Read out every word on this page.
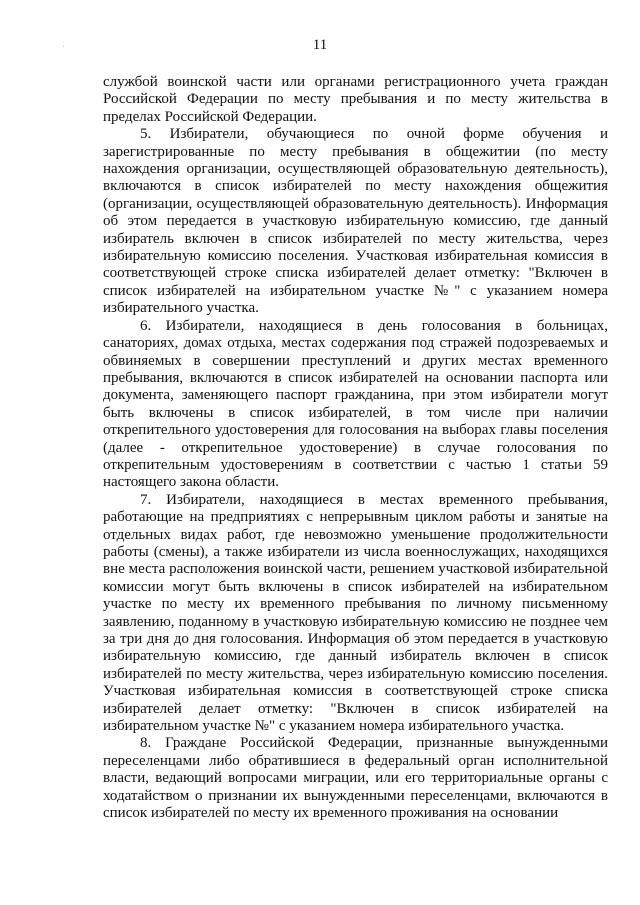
11

службой воинской части или органами регистрационного учета граждан Российской Федерации по месту пребывания и по месту жительства в пределах Российской Федерации.

5. Избиратели, обучающиеся по очной форме обучения и зарегистрированные по месту пребывания в общежитии (по месту нахождения организации, осуществляющей образовательную деятельность), включаются в список избирателей по месту нахождения общежития (организации, осуществляющей образовательную деятельность). Информация об этом передается в участковую избирательную комиссию, где данный избиратель включен в список избирателей по месту жительства, через избирательную комиссию поселения. Участковая избирательная комиссия в соответствующей строке списка избирателей делает отметку: "Включен в список избирателей на избирательном участке №" с указанием номера избирательного участка.

6. Избиратели, находящиеся в день голосования в больницах, санаториях, домах отдыха, местах содержания под стражей подозреваемых и обвиняемых в совершении преступлений и других местах временного пребывания, включаются в список избирателей на основании паспорта или документа, заменяющего паспорт гражданина, при этом избиратели могут быть включены в список избирателей, в том числе при наличии открепительного удостоверения для голосования на выборах главы поселения (далее - открепительное удостоверение) в случае голосования по открепительным удостоверениям в соответствии с частью 1 статьи 59 настоящего закона области.

7. Избиратели, находящиеся в местах временного пребывания, работающие на предприятиях с непрерывным циклом работы и занятые на отдельных видах работ, где невозможно уменьшение продолжительности работы (смены), а также избиратели из числа военнослужащих, находящихся вне места расположения воинской части, решением участковой избирательной комиссии могут быть включены в список избирателей на избирательном участке по месту их временного пребывания по личному письменному заявлению, поданному в участковую избирательную комиссию не позднее чем за три дня до дня голосования. Информация об этом передается в участковую избирательную комиссию, где данный избиратель включен в список избирателей по месту жительства, через избирательную комиссию поселения. Участковая избирательная комиссия в соответствующей строке списка избирателей делает отметку: "Включен в список избирателей на избирательном участке №" с указанием номера избирательного участка.

8. Граждане Российской Федерации, признанные вынужденными переселенцами либо обратившиеся в федеральный орган исполнительной власти, ведающий вопросами миграции, или его территориальные органы с ходатайством о признании их вынужденными переселенцами, включаются в список избирателей по месту их временного проживания на основании
